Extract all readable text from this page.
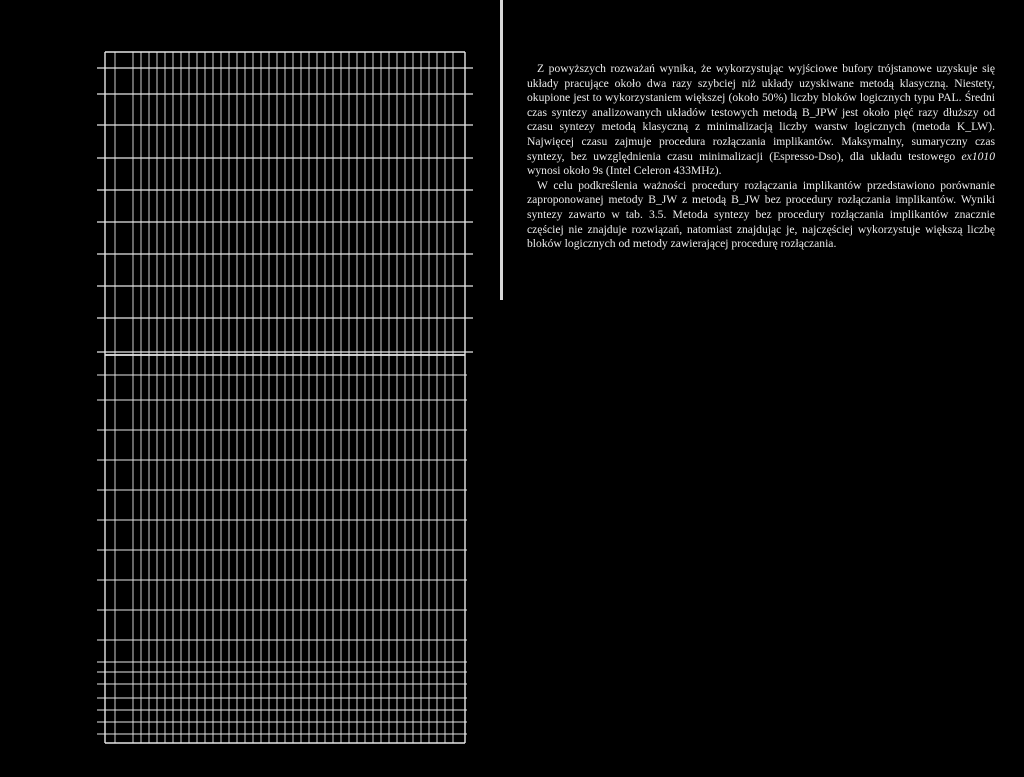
Z powyższych rozważań wynika, że wykorzystując wyjściowe bufory trójstanowe uzyskuje się układy pracujące około dwa razy szybciej niż układy uzyskiwane metodą klasyczną. Niestety, okupione jest to wykorzystaniem większej (około 50%) liczby bloków logicznych typu PAL. Średni czas syntezy analizowanych układów testowych metodą B_JPW jest około pięć razy dłuższy od czasu syntezy metodą klasyczną z minimalizacją liczby warstw logicznych (metoda K_LW). Najwięcej czasu zajmuje procedura rozłączania implikantów. Maksymalny, sumaryczny czas syntezy, bez uwzględnienia czasu minimalizacji (Espresso-Dso), dla układu testowego ex1010 wynosi około 9s (Intel Celeron 433MHz).

W celu podkreślenia ważności procedury rozłączania implikantów przedstawiono porównanie zaproponowanej metody B_JW z metodą B_JW bez procedury rozłączania implikantów. Wyniki syntezy zawarto w tab. 3.5. Metoda syntezy bez procedury rozłączania implikantów znacznie częściej nie znajduje rozwiązań, natomiast znajdując je, najczęściej wykorzystuje większą liczbę bloków logicznych od metody zawierającej procedurę rozłączania.
